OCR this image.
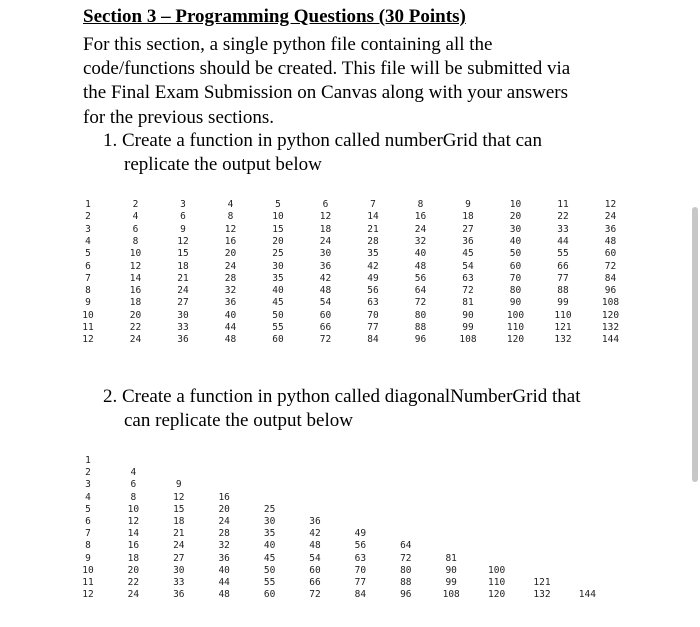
Section 3 – Programming Questions (30 Points)
For this section, a single python file containing all the
code/functions should be created. This file will be submitted via
the Final Exam Submission on Canvas along with your answers
for the previous sections.
1. Create a function in python called numberGrid that can
replicate the output below
1	2	3	4	5	6	7	8	9	10	11	12
2	4	6	8	10	12	14	16	18	20	22	24
3	6	9	12	15	18	21	24	27	30	33	36
4	8	12	16	20	24	28	32	36	40	44	48
5	10	15	20	25	30	35	40	45	50	55	60
6	12	18	24	30	36	42	48	54	60	66	72
7	14	21	28	35	42	49	56	63	70	77	84
8	16	24	32	40	48	56	64	72	80	88	96
9	18	27	36	45	54	63	72	81	90	99	108
10	20	30	40	50	60	70	80	90	100	110	120
11	22	33	44	55	66	77	88	99	110	121	132
12	24	36	48	60	72	84	96	108	120	132	144
2. Create a function in python called diagonalNumberGrid that
can replicate the output below
1
2	4
3	6	9
4	8	12	16
5	10	15	20	25
6	12	18	24	30	36
7	14	21	28	35	42	49
8	16	24	32	40	48	56	64
9	18	27	36	45	54	63	72	81
10	20	30	40	50	60	70	80	90	100
11	22	33	44	55	66	77	88	99	110	121
12	24	36	48	60	72	84	96	108	120	132	144
